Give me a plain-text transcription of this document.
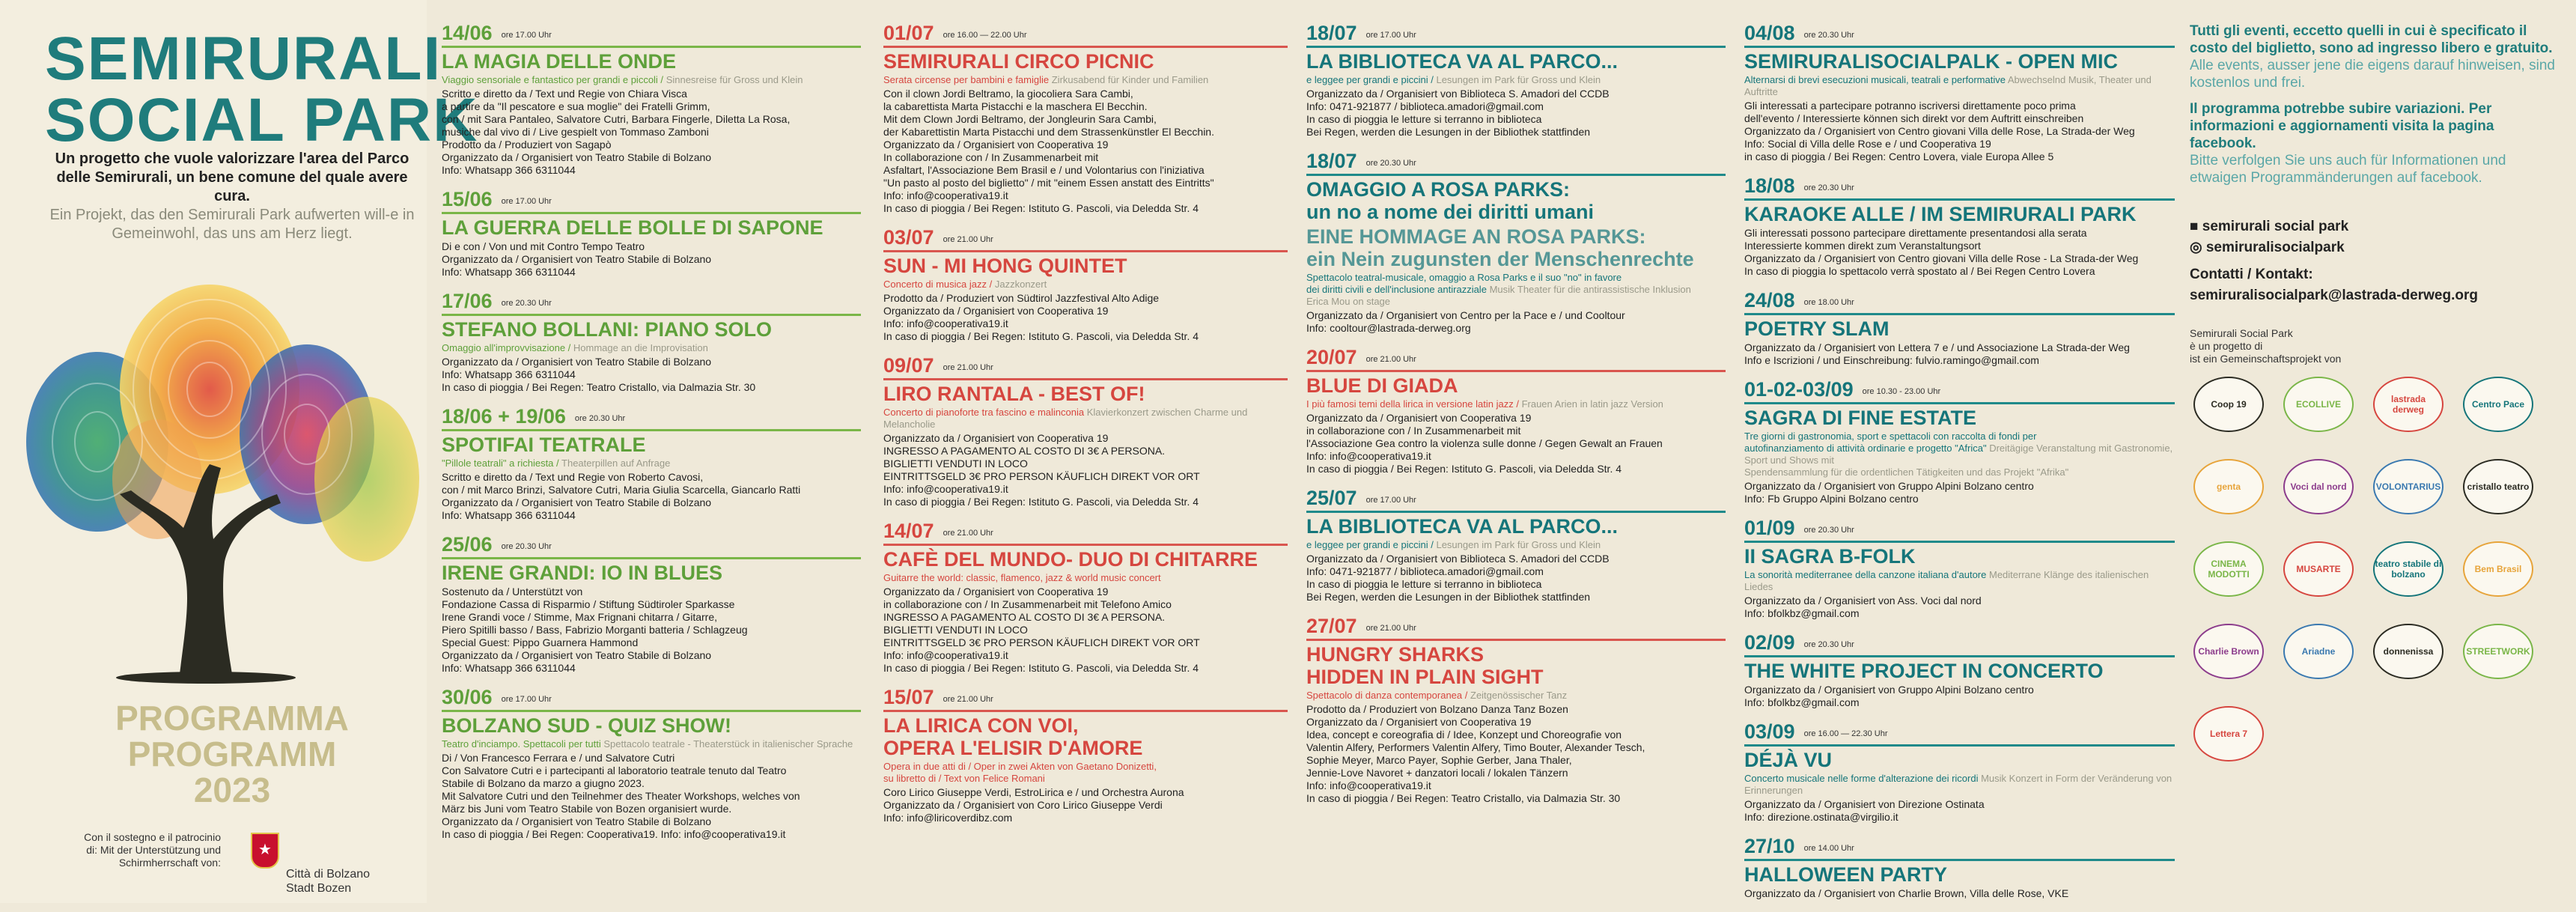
SEMIRURALI
SOCIAL PARK
Un progetto che vuole valorizzare l'area del Parco delle Semirurali, un bene comune del quale avere cura.
Ein Projekt, das den Semirurali Park aufwerten will-e in Gemeinwohl, das uns am Herz liegt.
PROGRAMMA
PROGRAMM
2023
Con il sostegno e il patrocinio di: Mit der Unterstützung und Schirmherrschaft von:
★
Città di Bolzano
Stadt Bozen
14/06 ore 17.00 Uhr
LA MAGIA DELLE ONDE
Viaggio sensoriale e fantastico per grandi e piccoli / Sinnesreise für Gross und Klein
Scritto e diretto da / Text und Regie von Chiara Visca
a partire da "Il pescatore e sua moglie" dei Fratelli Grimm,
con / mit Sara Pantaleo, Salvatore Cutri, Barbara Fingerle, Diletta La Rosa,
musiche dal vivo di / Live gespielt von Tommaso Zamboni
Prodotto da / Produziert von Sagapò
Organizzato da / Organisiert von Teatro Stabile di Bolzano
Info: Whatsapp 366 6311044
15/06 ore 17.00 Uhr
LA GUERRA DELLE BOLLE DI SAPONE
Di e con / Von und mit Contro Tempo Teatro
Organizzato da / Organisiert von Teatro Stabile di Bolzano
Info: Whatsapp 366 6311044
17/06 ore 20.30 Uhr
STEFANO BOLLANI: PIANO SOLO
Omaggio all'improvvisazione / Hommage an die Improvisation
Organizzato da / Organisiert von Teatro Stabile di Bolzano
Info: Whatsapp 366 6311044
In caso di pioggia / Bei Regen: Teatro Cristallo, via Dalmazia Str. 30
18/06 + 19/06 ore 20.30 Uhr
SPOTIFAI TEATRALE
"Pillole teatrali" a richiesta / Theaterpillen auf Anfrage
Scritto e diretto da / Text und Regie von Roberto Cavosi,
con / mit Marco Brinzi, Salvatore Cutri, Maria Giulia Scarcella, Giancarlo Ratti
Organizzato da / Organisiert von Teatro Stabile di Bolzano
Info: Whatsapp 366 6311044
25/06 ore 20.30 Uhr
IRENE GRANDI: IO IN BLUES
Sostenuto da / Unterstützt von
Fondazione Cassa di Risparmio / Stiftung Südtiroler Sparkasse
Irene Grandi voce / Stimme, Max Frignani chitarra / Gitarre,
Piero Spitilli basso / Bass, Fabrizio Morganti batteria / Schlagzeug
Special Guest: Pippo Guarnera Hammond
Organizzato da / Organisiert von Teatro Stabile di Bolzano
Info: Whatsapp 366 6311044
30/06 ore 17.00 Uhr
BOLZANO SUD - QUIZ SHOW!
Teatro d'inciampo. Spettacoli per tutti Spettacolo teatrale - Theaterstück in italienischer Sprache
Di / Von Francesco Ferrara e / und Salvatore Cutri
Con Salvatore Cutri e i partecipanti al laboratorio teatrale tenuto dal Teatro
Stabile di Bolzano da marzo a giugno 2023.
Mit Salvatore Cutri und den Teilnehmer des Theater Workshops, welches von
März bis Juni vom Teatro Stabile von Bozen organisiert wurde.
Organizzato da / Organisiert von Teatro Stabile di Bolzano
In caso di pioggia / Bei Regen: Cooperativa19. Info: info@cooperativa19.it
01/07 ore 16.00 — 22.00 Uhr
SEMIRURALI CIRCO PICNIC
Serata circense per bambini e famiglie Zirkusabend für Kinder und Familien
Con il clown Jordi Beltramo, la giocoliera Sara Cambi,
la cabarettista Marta Pistacchi e la maschera El Becchin.
Mit dem Clown Jordi Beltramo, der Jongleurin Sara Cambi,
der Kabarettistin Marta Pistacchi und dem Strassenkünstler El Becchin.
Organizzato da / Organisiert von Cooperativa 19
In collaborazione con / In Zusammenarbeit mit
Asfaltart, l'Associazione Bem Brasil e / und Volontarius con l'iniziativa
"Un pasto al posto del biglietto" / mit "einem Essen anstatt des Eintritts"
Info: info@cooperativa19.it
In caso di pioggia / Bei Regen: Istituto G. Pascoli, via Deledda Str. 4
03/07 ore 21.00 Uhr
SUN - MI HONG QUINTET
Concerto di musica jazz / Jazzkonzert
Prodotto da / Produziert von Südtirol Jazzfestival Alto Adige
Organizzato da / Organisiert von Cooperativa 19
Info: info@cooperativa19.it
In caso di pioggia / Bei Regen: Istituto G. Pascoli, via Deledda Str. 4
09/07 ore 21.00 Uhr
LIRO RANTALA - BEST OF!
Concerto di pianoforte tra fascino e malinconia Klavierkonzert zwischen Charme und Melancholie
Organizzato da / Organisiert von Cooperativa 19
INGRESSO A PAGAMENTO AL COSTO DI 3€ A PERSONA.
BIGLIETTI VENDUTI IN LOCO
EINTRITTSGELD 3€ PRO PERSON KÄUFLICH DIREKT VOR ORT
Info: info@cooperativa19.it
In caso di pioggia / Bei Regen: Istituto G. Pascoli, via Deledda Str. 4
14/07 ore 21.00 Uhr
CAFÈ DEL MUNDO- DUO DI CHITARRE
Guitarre the world: classic, flamenco, jazz & world music concert
Organizzato da / Organisiert von Cooperativa 19
in collaborazione con / In Zusammenarbeit mit Telefono Amico
INGRESSO A PAGAMENTO AL COSTO DI 3€ A PERSONA.
BIGLIETTI VENDUTI IN LOCO
EINTRITTSGELD 3€ PRO PERSON KÄUFLICH DIREKT VOR ORT
Info: info@cooperativa19.it
In caso di pioggia / Bei Regen: Istituto G. Pascoli, via Deledda Str. 4
15/07 ore 21.00 Uhr
LA LIRICA CON VOI,
OPERA L'ELISIR D'AMORE
Opera in due atti di / Oper in zwei Akten von Gaetano Donizetti,
su libretto di / Text von Felice Romani
Coro Lirico Giuseppe Verdi, EstroLirica e / und Orchestra Aurona
Organizzato da / Organisiert von Coro Lirico Giuseppe Verdi
Info: info@liricoverdibz.com
18/07 ore 17.00 Uhr
LA BIBLIOTECA VA AL PARCO...
e leggee per grandi e piccini / Lesungen im Park für Gross und Klein
Organizzato da / Organisiert von Biblioteca S. Amadori del CCDB
Info: 0471-921877 / biblioteca.amadori@gmail.com
In caso di pioggia le letture si terranno in biblioteca
Bei Regen, werden die Lesungen in der Bibliothek stattfinden
18/07 ore 20.30 Uhr
OMAGGIO A ROSA PARKS:
un no a nome dei diritti umani
EINE HOMMAGE AN ROSA PARKS:
ein Nein zugunsten der Menschenrechte
Spettacolo teatral-musicale, omaggio a Rosa Parks e il suo "no" in favore
dei diritti civili e dell'inclusione antirazziale Musik Theater für die antirassistische Inklusion
Erica Mou on stage
Organizzato da / Organisiert von Centro per la Pace e / und Cooltour
Info: cooltour@lastrada-derweg.org
20/07 ore 21.00 Uhr
BLUE DI GIADA
I più famosi temi della lirica in versione latin jazz / Frauen Arien in latin jazz Version
Organizzato da / Organisiert von Cooperativa 19
in collaborazione con / In Zusammenarbeit mit
l'Associazione Gea contro la violenza sulle donne / Gegen Gewalt an Frauen
Info: info@cooperativa19.it
In caso di pioggia / Bei Regen: Istituto G. Pascoli, via Deledda Str. 4
25/07 ore 17.00 Uhr
LA BIBLIOTECA VA AL PARCO...
e leggee per grandi e piccini / Lesungen im Park für Gross und Klein
Organizzato da / Organisiert von Biblioteca S. Amadori del CCDB
Info: 0471-921877 / biblioteca.amadori@gmail.com
In caso di pioggia le letture si terranno in biblioteca
Bei Regen, werden die Lesungen in der Bibliothek stattfinden
27/07 ore 21.00 Uhr
HUNGRY SHARKS
HIDDEN IN PLAIN SIGHT
Spettacolo di danza contemporanea / Zeitgenössischer Tanz
Prodotto da / Produziert von Bolzano Danza Tanz Bozen
Organizzato da / Organisiert von Cooperativa 19
Idea, concept e coreografia di / Idee, Konzept und Choreografie von
Valentin Alfery, Performers Valentin Alfery, Timo Bouter, Alexander Tesch,
Sophie Meyer, Marco Payer, Sophie Gerber, Jana Thaler,
Jennie-Love Navoret + danzatori locali / lokalen Tänzern
Info: info@cooperativa19.it
In caso di pioggia / Bei Regen: Teatro Cristallo, via Dalmazia Str. 30
04/08 ore 20.30 Uhr
SEMIRURALISOCIALPALK - OPEN MIC
Alternarsi di brevi esecuzioni musicali, teatrali e performative Abwechselnd Musik, Theater und Auftritte
Gli interessati a partecipare potranno iscriversi direttamente poco prima
dell'evento / Interessierte können sich direkt vor dem Auftritt einschreiben
Organizzato da / Organisiert von Centro giovani Villa delle Rose, La Strada-der Weg
Info: Social di Villa delle Rose e / und Cooperativa 19
in caso di pioggia / Bei Regen: Centro Lovera, viale Europa Allee 5
18/08 ore 20.30 Uhr
KARAOKE ALLE / IM SEMIRURALI PARK
Gli interessati possono partecipare direttamente presentandosi alla serata
Interessierte kommen direkt zum Veranstaltungsort
Organizzato da / Organisiert von Centro giovani Villa delle Rose - La Strada-der Weg
In caso di pioggia lo spettacolo verrà spostato al / Bei Regen Centro Lovera
24/08 ore 18.00 Uhr
POETRY SLAM
Organizzato da / Organisiert von Lettera 7 e / und Associazione La Strada-der Weg
Info e Iscrizioni / und Einschreibung: fulvio.ramingo@gmail.com
01-02-03/09 ore 10.30 - 23.00 Uhr
SAGRA DI FINE ESTATE
Tre giorni di gastronomia, sport e spettacoli con raccolta di fondi per
autofinanziamento di attività ordinarie e progetto "Africa" Dreitägige Veranstaltung mit Gastronomie, Sport und Shows mit
Spendensammlung für die ordentlichen Tätigkeiten und das Projekt "Afrika"
Organizzato da / Organisiert von Gruppo Alpini Bolzano centro
Info: Fb Gruppo Alpini Bolzano centro
01/09 ore 20.30 Uhr
II SAGRA B-FOLK
La sonorità mediterranee della canzone italiana d'autore Mediterrane Klänge des italienischen Liedes
Organizzato da / Organisiert von Ass. Voci dal nord
Info: bfolkbz@gmail.com
02/09 ore 20.30 Uhr
THE WHITE PROJECT IN CONCERTO
Organizzato da / Organisiert von Gruppo Alpini Bolzano centro
Info: bfolkbz@gmail.com
03/09 ore 16.00 — 22.30 Uhr
DÉJÀ VU
Concerto musicale nelle forme d'alterazione dei ricordi Musik Konzert in Form der Veränderung von Erinnerungen
Organizzato da / Organisiert von Direzione Ostinata
Info: direzione.ostinata@virgilio.it
27/10 ore 14.00 Uhr
HALLOWEEN PARTY
Organizzato da / Organisiert von Charlie Brown, Villa delle Rose, VKE
Tutti gli eventi, eccetto quelli in cui è specificato il costo del biglietto, sono ad ingresso libero e gratuito.
Alle events, ausser jene die eigens darauf hinweisen, sind kostenlos und frei.
Il programma potrebbe subire variazioni. Per informazioni e aggiornamenti visita la pagina facebook.
Bitte verfolgen Sie uns auch für Informationen und etwaigen Programmänderungen auf facebook.
■ semirurali social park
◎ semiruralisocialpark
Contatti / Kontakt:
semiruralisocialpark@lastrada-derweg.org
Semirurali Social Park
è un progetto di
ist ein Gemeinschaftsprojekt von
Coop 19	ECOLLIVE	lastrada derweg	Centro Pace
genta	Voci dal nord	VOLONTARIUS	cristallo teatro
CINEMA MODOTTI	MUSARTE	teatro stabile di bolzano	Bem Brasil
Charlie Brown	Ariadne	donnenissa	STREETWORK
Lettera 7
